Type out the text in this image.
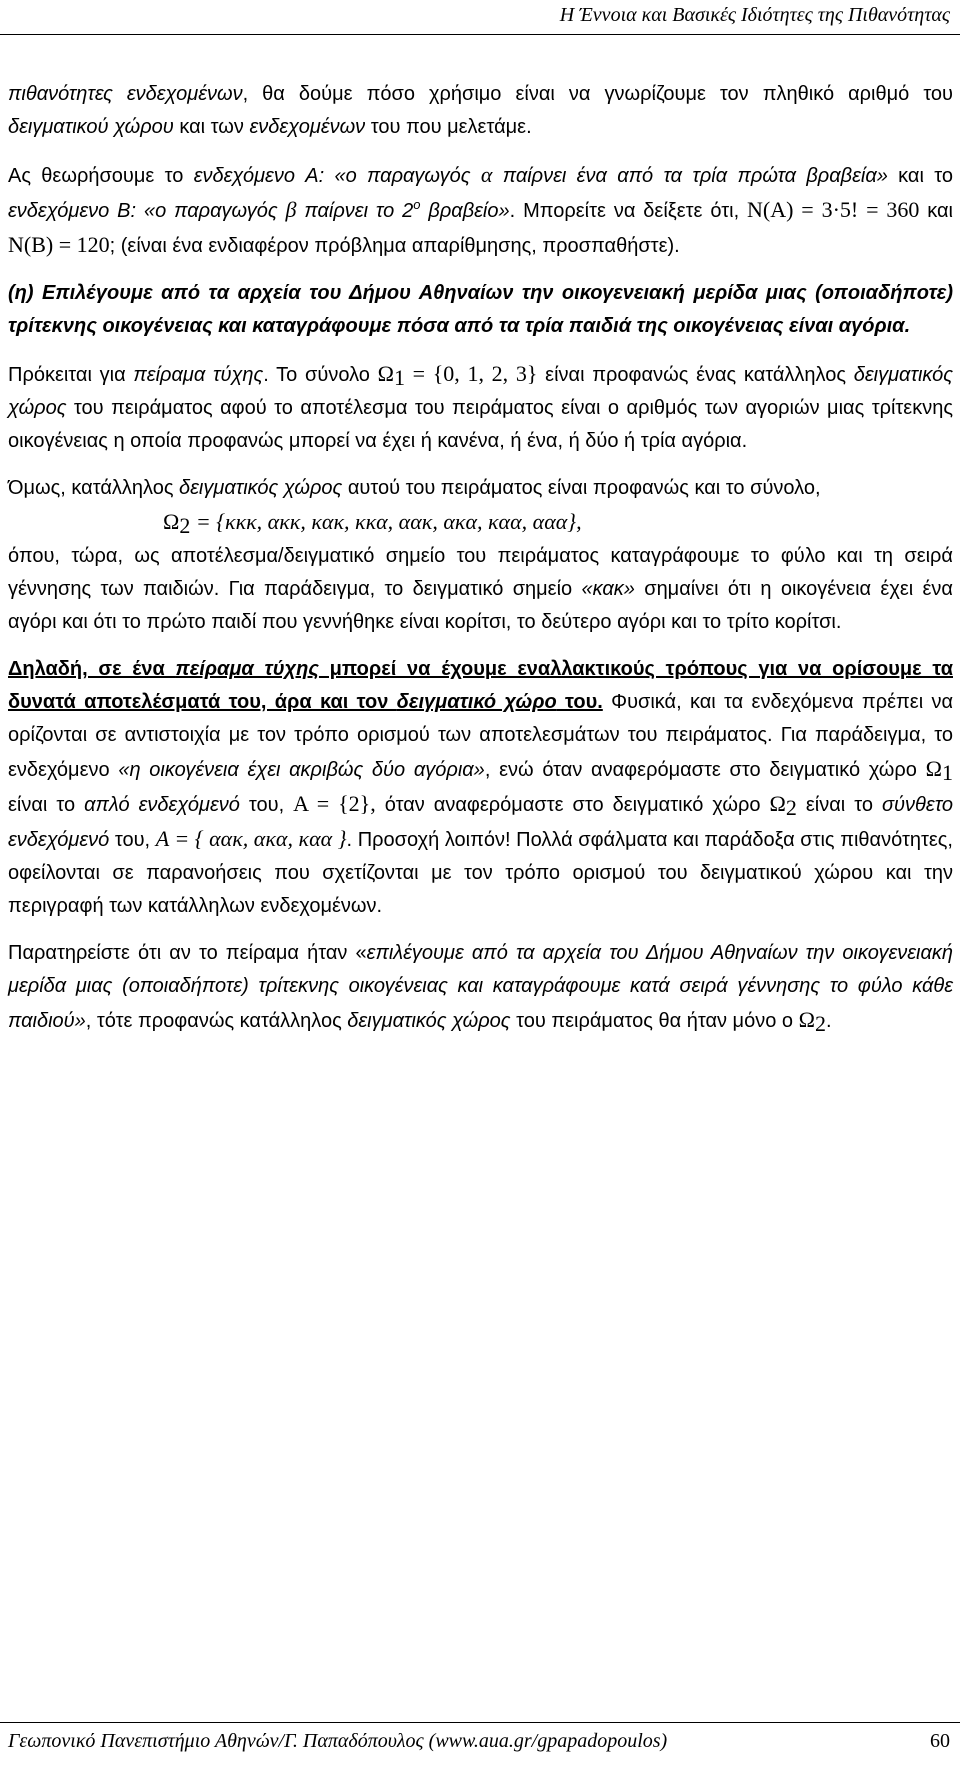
Η Έννοια και Βασικές Ιδιότητες της Πιθανότητας

πιθανότητες ενδεχομένων, θα δούμε πόσο χρήσιμο είναι να γνωρίζουμε τον πληθικό αριθμό του δειγματικού χώρου και των ενδεχομένων του που μελετάμε.

Ας θεωρήσουμε το ενδεχόμενο A: «ο παραγωγός α παίρνει ένα από τα τρία πρώτα βραβεία» και το ενδεχόμενο B: «ο παραγωγός β παίρνει το $2^o$ βραβείο». Μπορείτε να δείξετε ότι, N(A) = 3·5! = 360 και N(B) = 120; (είναι ένα ενδιαφέρον πρόβλημα απαρίθμησης, προσπαθήστε).

(η) Επιλέγουμε από τα αρχεία του Δήμου Αθηναίων την οικογενειακή μερίδα μιας (οποιαδήποτε) τρίτεκνης οικογένειας και καταγράφουμε πόσα από τα τρία παιδιά της οικογένειας είναι αγόρια.

Πρόκειται για πείραμα τύχης. Το σύνολο $\Omega_1 = \{0$, 1, 2, 3} είναι προφανώς ένας κατάλληλος δειγματικός χώρος του πειράματος αφού το αποτέλεσμα του πειράματος είναι ο αριθμός των αγοριών μιας τρίτεκνης οικογένειας η οποία προφανώς μπορεί να έχει ή κανένα, ή ένα, ή δύο ή τρία αγόρια.

Όμως, κατάλληλος δειγματικός χώρος αυτού του πειράματος είναι προφανώς και το σύνολο,
$\Omega_2 = \{\kappa\kappa\kappa$, ακκ, κακ, κκα, αακ, ακα, καα, ααα},
όπου, τώρα, ως αποτέλεσμα/δειγματικό σημείο του πειράματος καταγράφουμε το φύλο και τη σειρά γέννησης των παιδιών. Για παράδειγμα, το δειγματικό σημείο «κακ» σημαίνει ότι η οικογένεια έχει ένα αγόρι και ότι το πρώτο παιδί που γεννήθηκε είναι κορίτσι, το δεύτερο αγόρι και το τρίτο κορίτσι.

Δηλαδή, σε ένα πείραμα τύχης μπορεί να έχουμε εναλλακτικούς τρόπους για να ορίσουμε τα δυνατά αποτελέσματά του, άρα και τον δειγματικό χώρο του. Φυσικά, και τα ενδεχόμενα πρέπει να ορίζονται σε αντιστοιχία με τον τρόπο ορισμού των αποτελεσμάτων του πειράματος. Για παράδειγμα, το ενδεχόμενο «η οικογένεια έχει ακριβώς δύο αγόρια», ενώ όταν αναφερόμαστε στο δειγματικό χώρο $\Omega_1$ είναι το απλό ενδεχόμενό του, A = {2}, όταν αναφερόμαστε στο δειγματικό χώρο $\Omega_2$ είναι το σύνθετο ενδεχόμενό του, A = { αακ, ακα, καα }. Προσοχή λοιπόν! Πολλά σφάλματα και παράδοξα στις πιθανότητες, οφείλονται σε παρανοήσεις που σχετίζονται με τον τρόπο ορισμού του δειγματικού χώρου και την περιγραφή των κατάλληλων ενδεχομένων.

Παρατηρείστε ότι αν το πείραμα ήταν «επιλέγουμε από τα αρχεία του Δήμου Αθηναίων την οικογενειακή μερίδα μιας (οποιαδήποτε) τρίτεκνης οικογένειας και καταγράφουμε κατά σειρά γέννησης το φύλο κάθε παιδιού», τότε προφανώς κατάλληλος δειγματικός χώρος του πειράματος θα ήταν μόνο ο $\Omega_2$.

Γεωπονικό Πανεπιστήμιο Αθηνών/Γ. Παπαδόπουλος (www.aua.gr/gpapadopoulos)	60
